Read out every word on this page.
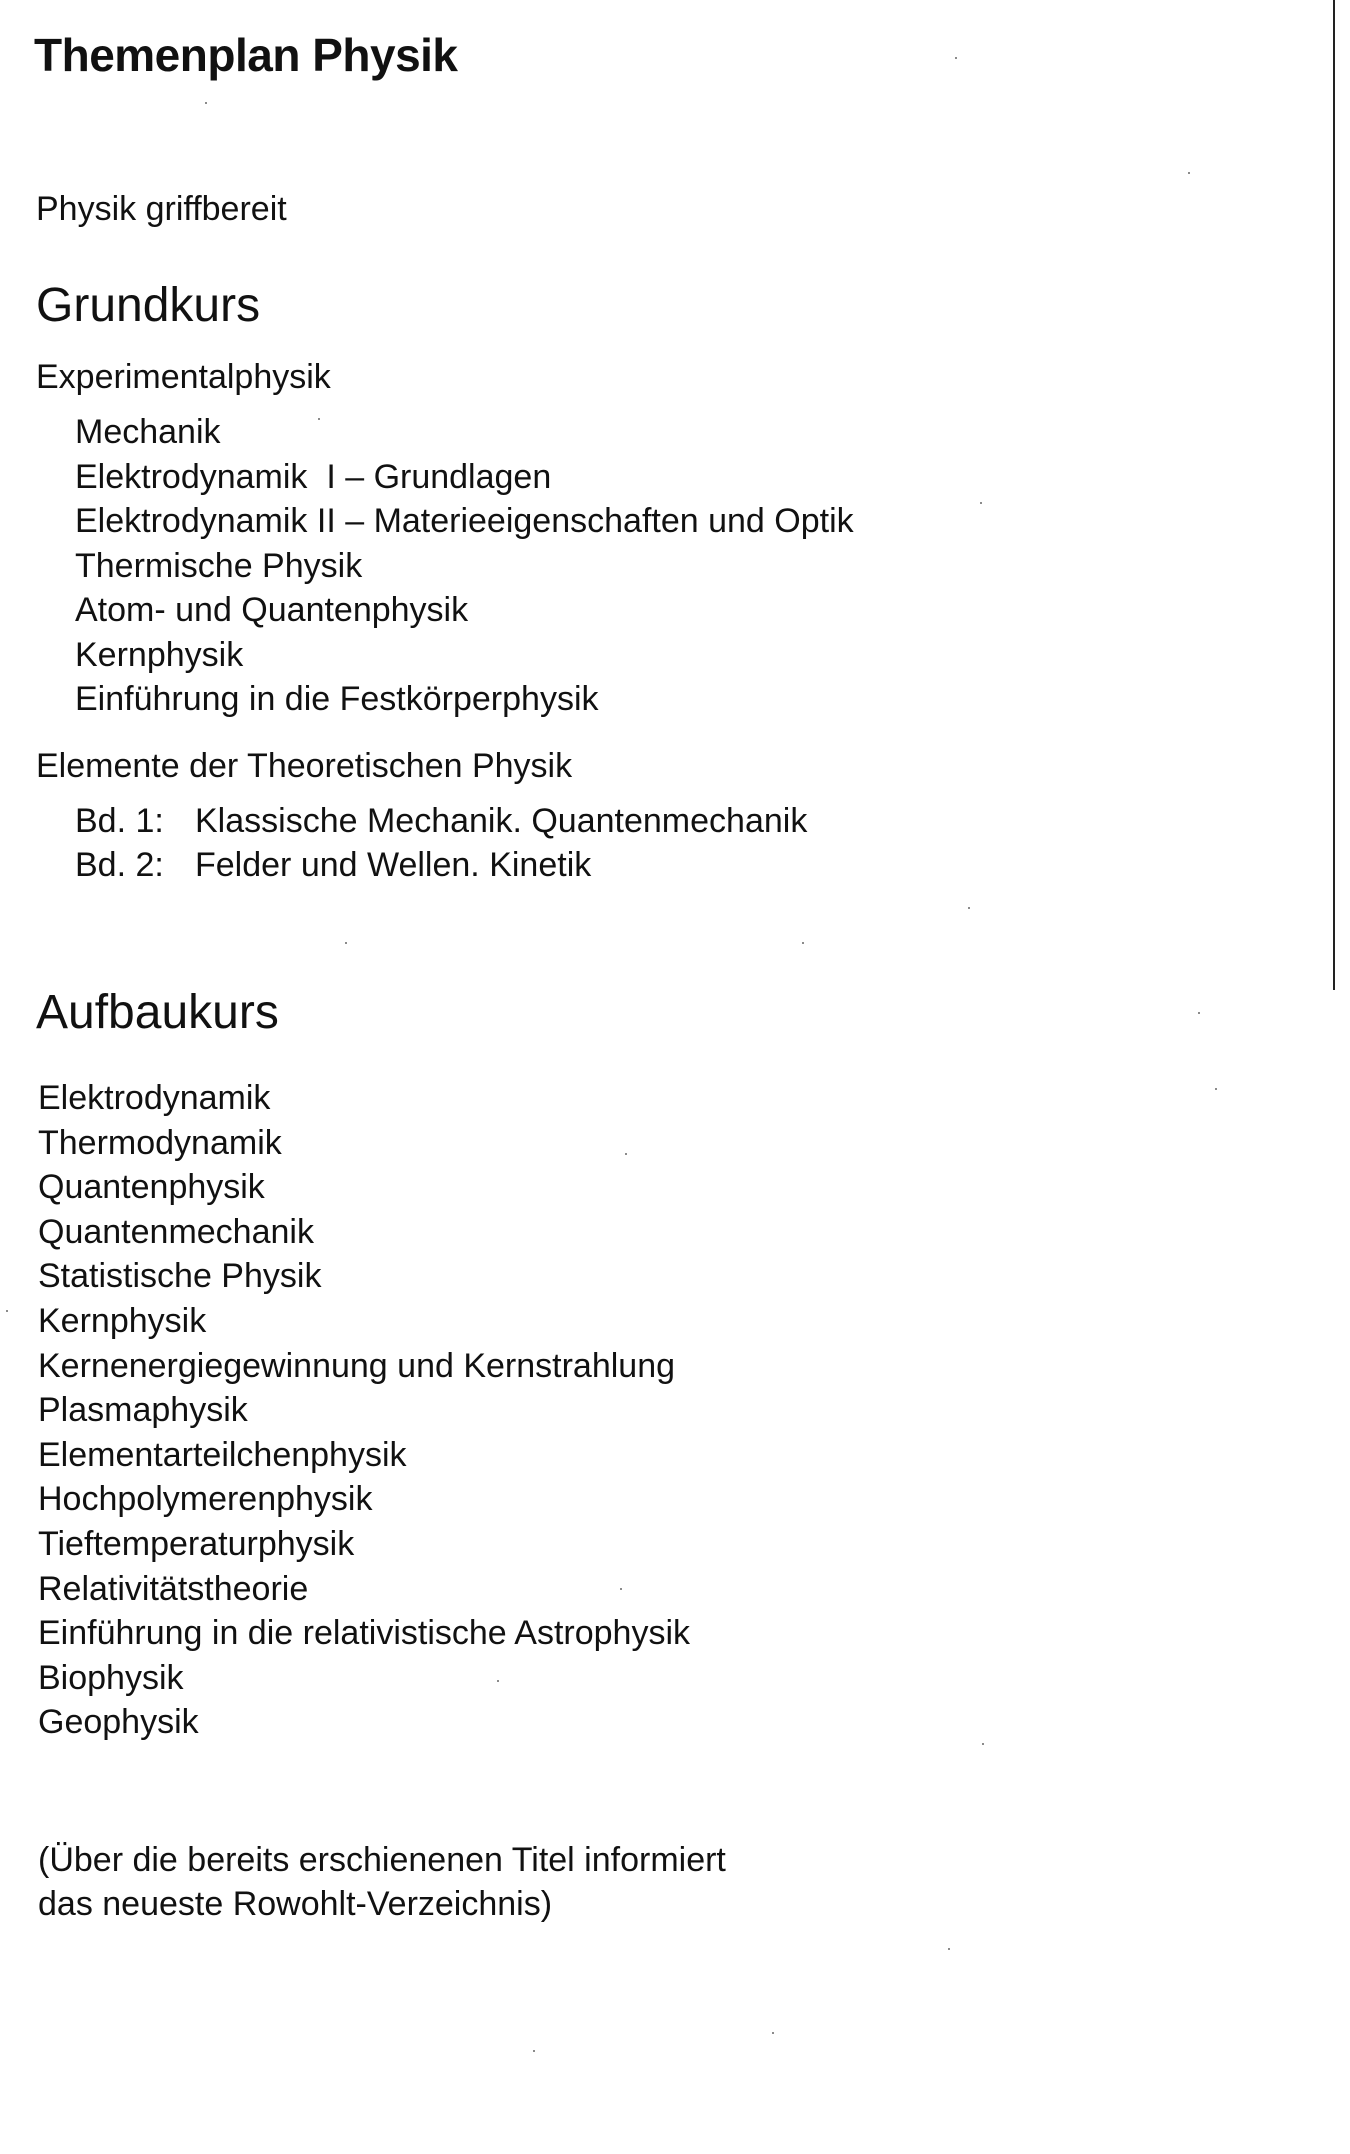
Themenplan Physik

Physik griffbereit

Grundkurs

Experimentalphysik

Mechanik
Elektrodynamik  I – Grundlagen
Elektrodynamik II – Materieeigenschaften und Optik
Thermische Physik
Atom- und Quantenphysik
Kernphysik
Einführung in die Festkörperphysik

Elemente der Theoretischen Physik

Bd. 1: Klassische Mechanik. Quantenmechanik
Bd. 2: Felder und Wellen. Kinetik
Aufbaukurs
Elektrodynamik
Thermodynamik
Quantenphysik
Quantenmechanik
Statistische Physik
Kernphysik
Kernenergiegewinnung und Kernstrahlung
Plasmaphysik
Elementarteilchenphysik
Hochpolymerenphysik
Tieftemperaturphysik
Relativitätstheorie
Einführung in die relativistische Astrophysik
Biophysik
Geophysik

(Über die bereits erschienenen Titel informiert
das neueste Rowohlt-Verzeichnis)
